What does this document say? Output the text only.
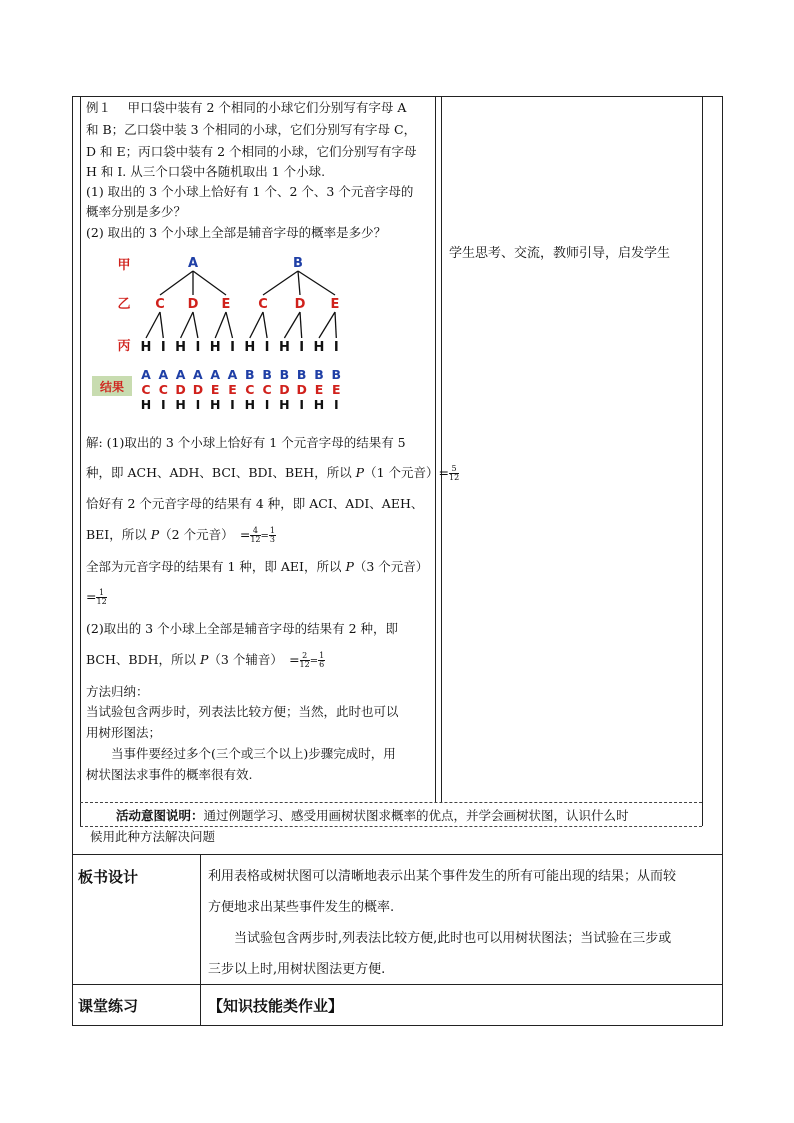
例１　 甲口袋中装有 2 个相同的小球它们分别写有字母 A
和 B；乙口袋中装 3 个相同的小球，它们分别写有字母 C，
D 和 E；丙口袋中装有 2 个相同的小球，它们分别写有字母
H 和 I. 从三个口袋中各随机取出 1 个小球.
(1) 取出的 3 个小球上恰好有 1 个、2 个、3 个元音字母的
概率分别是多少？
(2) 取出的 3 个小球上全部是辅音字母的概率是多少？
甲
乙
丙
结果
A	B
C D E C D E
H I H I H I H I H I H I
A A A A A A B B B B B B
C C D D E E C C D D E E
H I H I H I H I H I H I
解: (1)取出的 3 个小球上恰好有 1 个元音字母的结果有 5
种，即 ACH、ADH、BCI、BDI、BEH，所以 P（1 个元音）= $\frac{5}{12}$
恰好有 2 个元音字母的结果有 4 种，即 ACI、ADI、AEH、
BEI，所以 P（2 个元音）　= $\frac{4}{12} = \frac{1}{3}$
全部为元音字母的结果有 1 种，即 AEI，所以 P（3 个元音）
= $\frac{1}{12}$
(2)取出的 3 个小球上全部是辅音字母的结果有 2 种，即
BCH、BDH，所以 P（3 个辅音）　= $\frac{2}{12} = \frac{1}{6}$
方法归纳：
当试验包含两步时，列表法比较方便；当然，此时也可以
用树形图法；
　　当事件要经过多个(三个或三个以上)步骤完成时，用
树状图法求事件的概率很有效.
学生思考、交流，教师引导，启发学生
活动意图说明：通过例题学习、感受用画树状图求概率的优点，并学会画树状图，认识什么时
候用此种方法解决问题
板书设计	利用表格或树状图可以清晰地表示出某个事件发生的所有可能出现的结果；从而较
方便地求出某些事件发生的概率.
　　当试验包含两步时,列表法比较方便,此时也可以用树状图法；当试验在三步或
三步以上时,用树状图法更方便.
课堂练习	【知识技能类作业】
